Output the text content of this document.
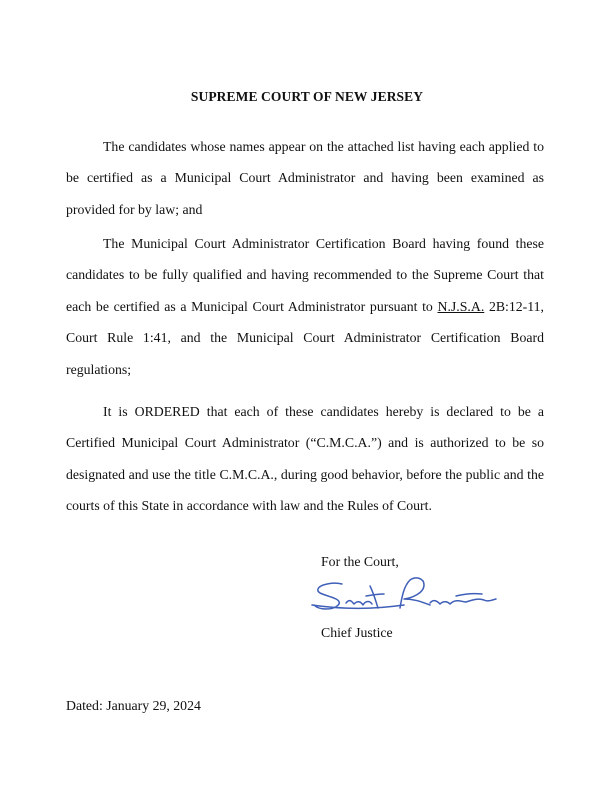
SUPREME COURT OF NEW JERSEY

The candidates whose names appear on the attached list having each applied to be certified as a Municipal Court Administrator and having been examined as provided for by law; and

The Municipal Court Administrator Certification Board having found these candidates to be fully qualified and having recommended to the Supreme Court that each be certified as a Municipal Court Administrator pursuant to N.J.S.A. 2B:12-11, Court Rule 1:41, and the Municipal Court Administrator Certification Board regulations;

It is ORDERED that each of these candidates hereby is declared to be a Certified Municipal Court Administrator (“C.M.C.A.”) and is authorized to be so designated and use the title C.M.C.A., during good behavior, before the public and the courts of this State in accordance with law and the Rules of Court.

For the Court,
Chief Justice
Dated: January 29, 2024
